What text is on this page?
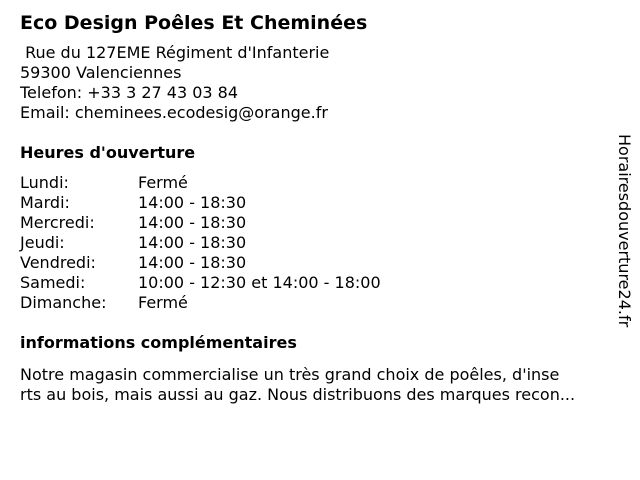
Eco Design Poêles Et Cheminées
Rue du 127EME Régiment d'Infanterie
59300 Valenciennes
Telefon: +33 3 27 43 03 84
Email: cheminees.ecodesig@orange.fr
Heures d'ouverture
Lundi:	Fermé
Mardi:	14:00 - 18:30
Mercredi:	14:00 - 18:30
Jeudi:	14:00 - 18:30
Vendredi:	14:00 - 18:30
Samedi:	10:00 - 12:30 et 14:00 - 18:00
Dimanche:	Fermé
informations complémentaires
Notre magasin commercialise un très grand choix de poêles, d'inse
rts au bois, mais aussi au gaz. Nous distribuons des marques recon...
Horairesdouverture24.fr
